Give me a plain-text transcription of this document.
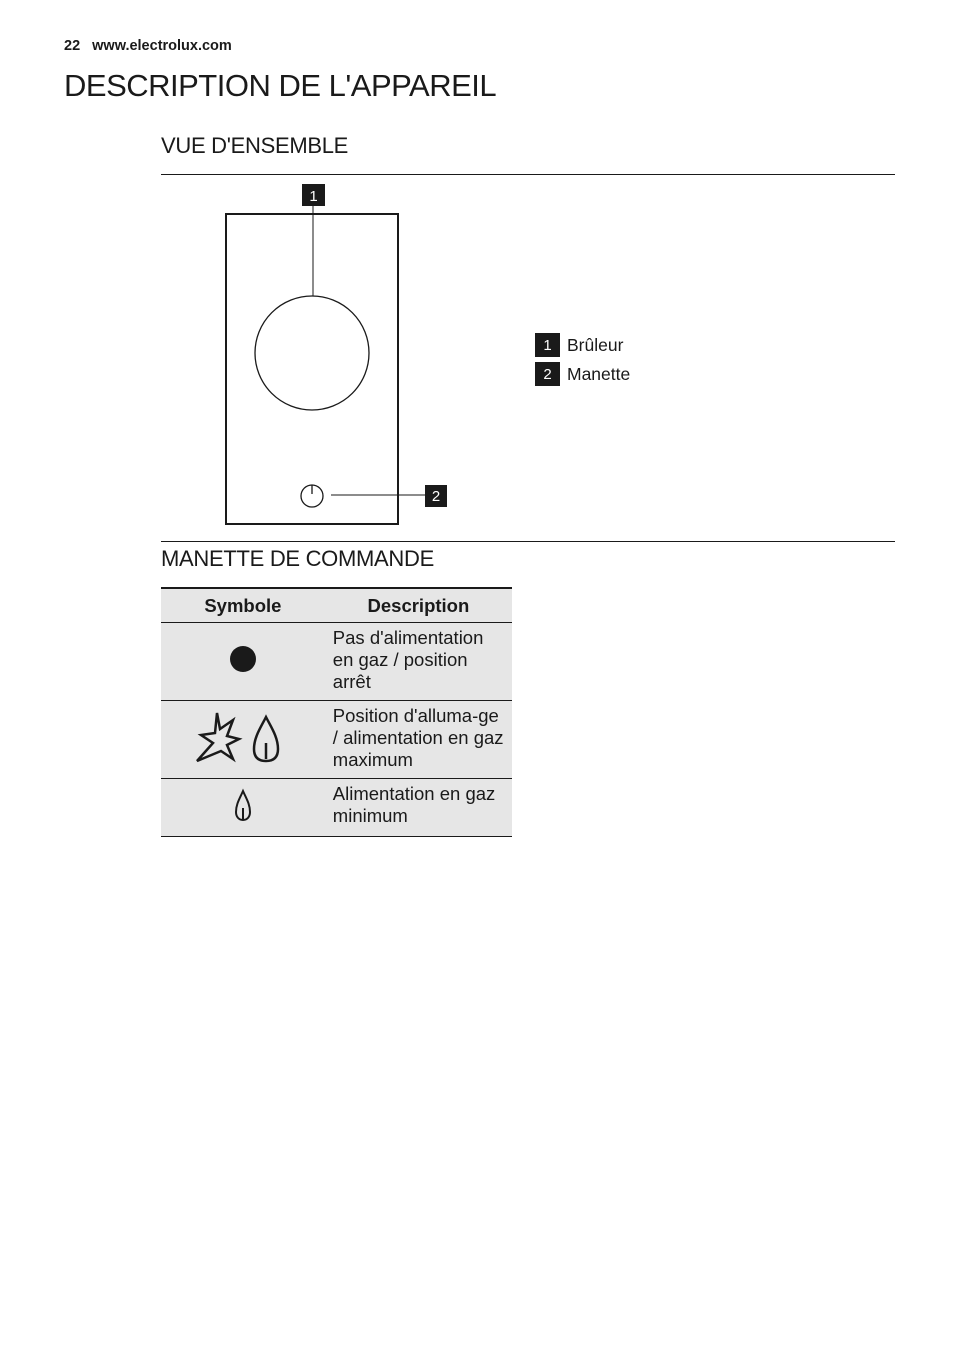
22 www.electrolux.com
DESCRIPTION DE L'APPAREIL
VUE D'ENSEMBLE
1
2
1 Brûleur
2 Manette
MANETTE DE COMMANDE
Symbole	Description
	Pas d'alimentation en gaz / position arrêt
	Position d'alluma-ge / alimentation en gaz maximum
	Alimentation en gaz minimum
